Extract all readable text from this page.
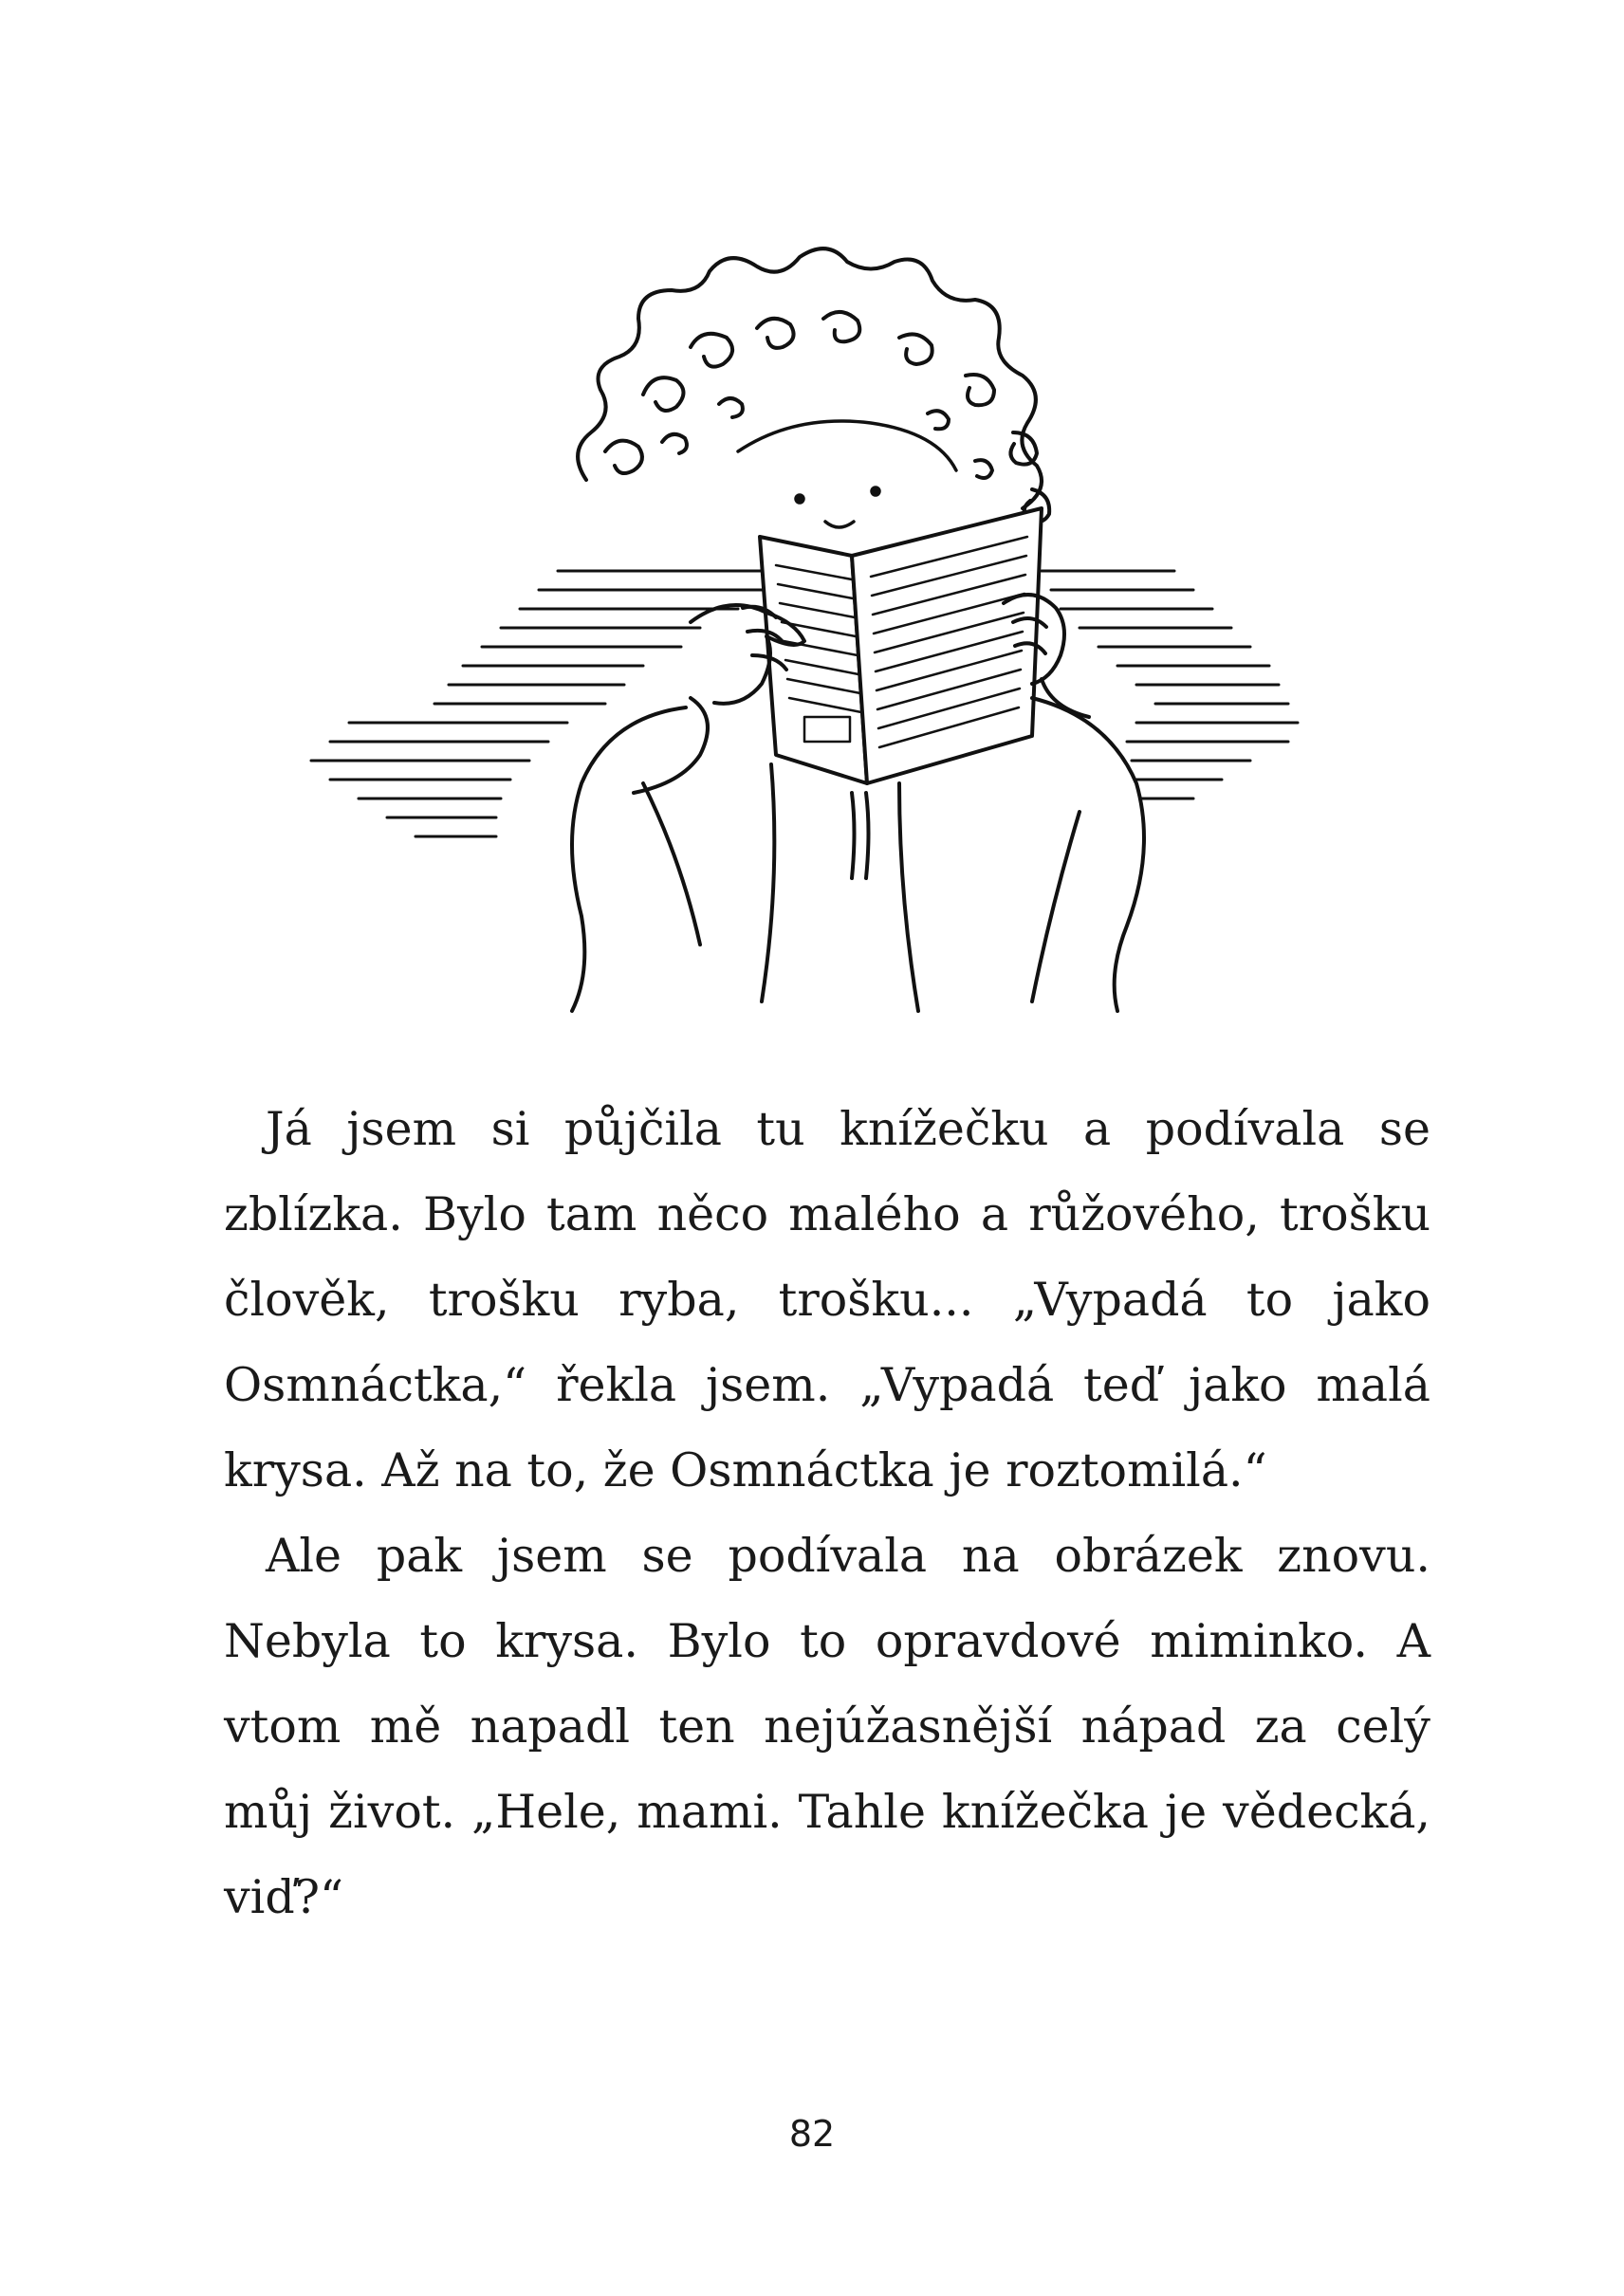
Já jsem si půjčila tu knížečku a podívala se zblízka. Bylo tam něco malého a růžového, trošku člověk, trošku ryba, trošku... „Vypadá to jako Osmnáctka,“ řekla jsem. „Vypadá teď jako malá krysa. Až na to, že Osmnáctka je roztomilá.“

Ale pak jsem se podívala na obrázek znovu. Nebyla to krysa. Bylo to opravdové miminko. A vtom mě napadl ten nejúžasnější nápad za celý můj život. „Hele, mami. Tahle knížečka je vědecká, viď?“

82
